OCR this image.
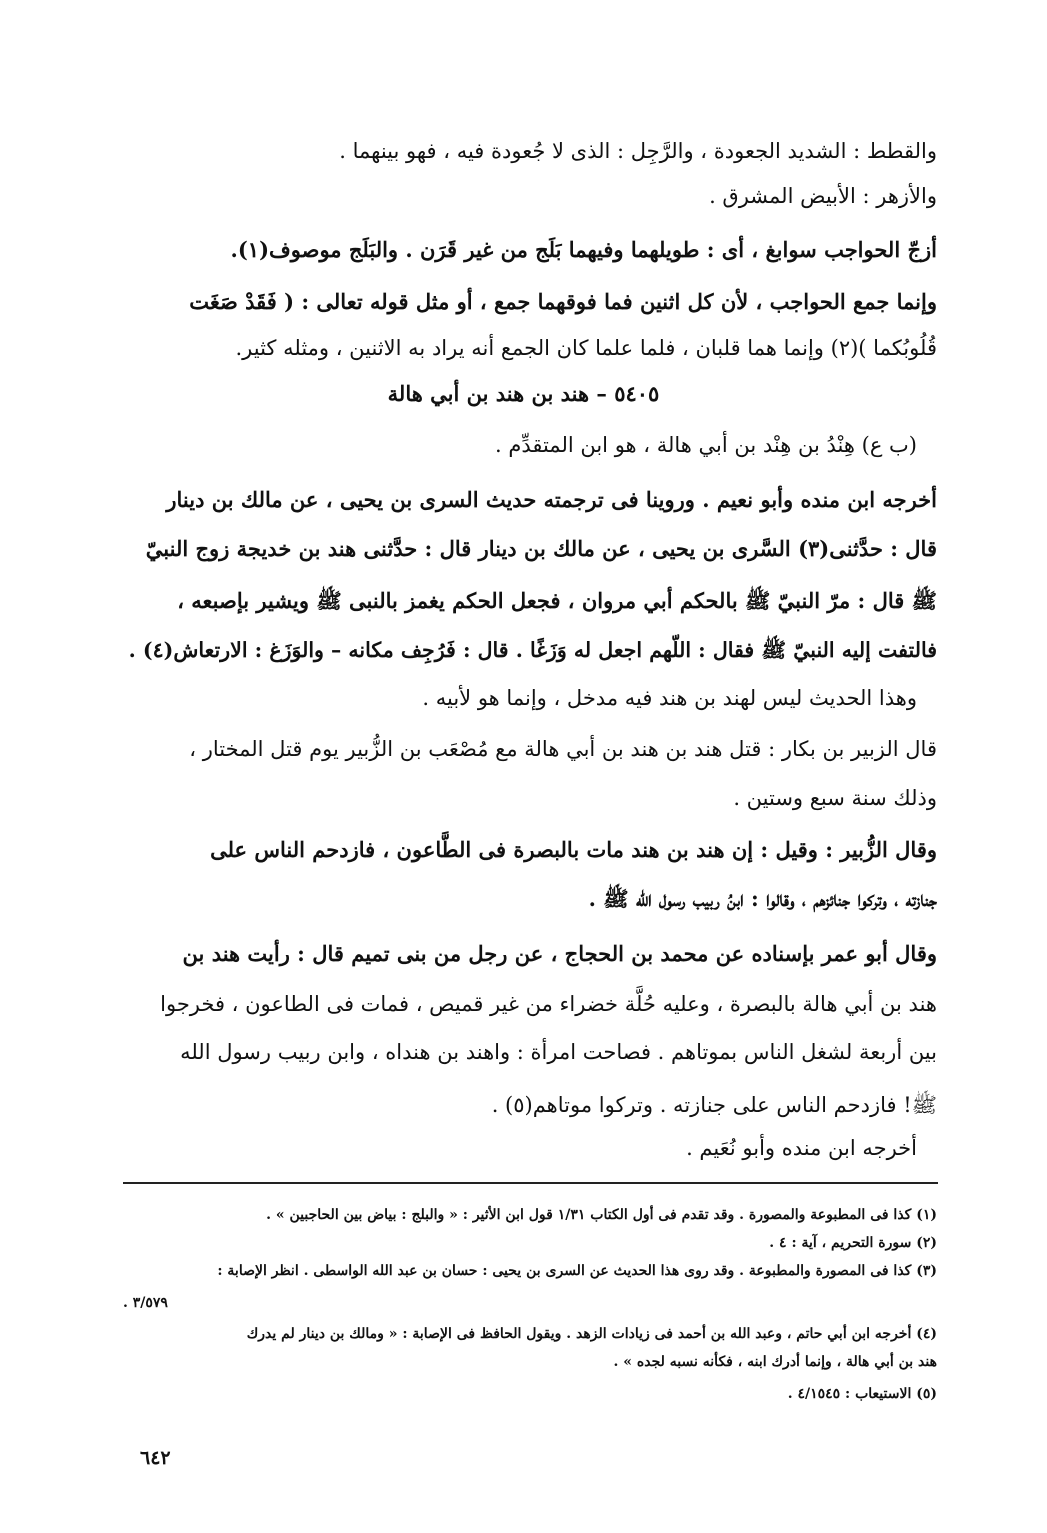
والقطط : الشديد الجعودة ، والرَّجِل : الذى لا جُعودة فيه ، فهو بينهما .
والأزهر : الأبيض المشرق .
أزجّ الحواجب سوابغ ، أى : طويلهما وفيهما بَلَج من غير قَرَن . والبَلَج موصوف(١).
وإنما جمع الحواجب ، لأن كل اثنين فما فوقهما جمع ، أو مثل قوله تعالى : ( فَقَدْ صَغَت
قُلُوبُكما )(٢) وإنما هما قلبان ، فلما علما كان الجمع أنه يراد به الاثنين ، ومثله كثير.
٥٤٠٥ – هند بن هند بن أبي هالة
(ب ع) هِنْدُ بن هِنْد بن أبي هالة ، هو ابن المتقدِّم .
أخرجه ابن منده وأبو نعيم . وروينا فى ترجمته حديث السرى بن يحيى ، عن مالك بن دينار
قال : حدَّثنى(٣) السَّرى بن يحيى ، عن مالك بن دينار قال : حدَّثنى هند بن خديجة زوج النبيّ
ﷺ قال : مرّ النبيّ ﷺ بالحكم أبي مروان ، فجعل الحكم يغمز بالنبى ﷺ ويشير بإصبعه ،
فالتفت إليه النبيّ ﷺ فقال : اللّهم اجعل له وَزَغًا . قال : فَرُجِف مكانه – والوَزَغ : الارتعاش(٤) .
وهذا الحديث ليس لهند بن هند فيه مدخل ، وإنما هو لأبيه .
قال الزبير بن بكار : قتل هند بن هند بن أبي هالة مع مُصْعَب بن الزُّبير يوم قتل المختار ،
وذلك سنة سبع وستين .
وقال الزُّبير : وقيل : إن هند بن هند مات بالبصرة فى الطَّاعون ، فازدحم الناس على
جنازته ، وتركوا جنائزهم ، وقالوا : ابنُ ربيب رسول الله ﷺ .
وقال أبو عمر بإسناده عن محمد بن الحجاج ، عن رجل من بنى تميم قال : رأيت هند بن
هند بن أبي هالة بالبصرة ، وعليه حُلَّة خضراء من غير قميص ، فمات فى الطاعون ، فخرجوا
بين أربعة لشغل الناس بموتاهم . فصاحت امرأة : واهند بن هنداه ، وابن ربيب رسول الله
ﷺ! فازدحم الناس على جنازته . وتركوا موتاهم(٥) .
أخرجه ابن منده وأبو نُعَيم .
(١) كذا فى المطبوعة والمصورة . وقد تقدم فى أول الكتاب ١/٣١ قول ابن الأثير : « والبلج : بياض بين الحاجبين » .
(٢) سورة التحريم ، آية : ٤ .
(٣) كذا فى المصورة والمطبوعة . وقد روى هذا الحديث عن السرى بن يحيى : حسان بن عبد الله الواسطى . انظر الإصابة :
٣/٥٧٩ .
(٤) أخرجه ابن أبي حاتم ، وعبد الله بن أحمد فى زيادات الزهد . ويقول الحافظ فى الإصابة : « ومالك بن دينار لم يدرك
هند بن أبي هالة ، وإنما أدرك ابنه ، فكأنه نسبه لجده » .
(٥) الاستيعاب : ٤/١٥٤٥ .
٦٤٢
